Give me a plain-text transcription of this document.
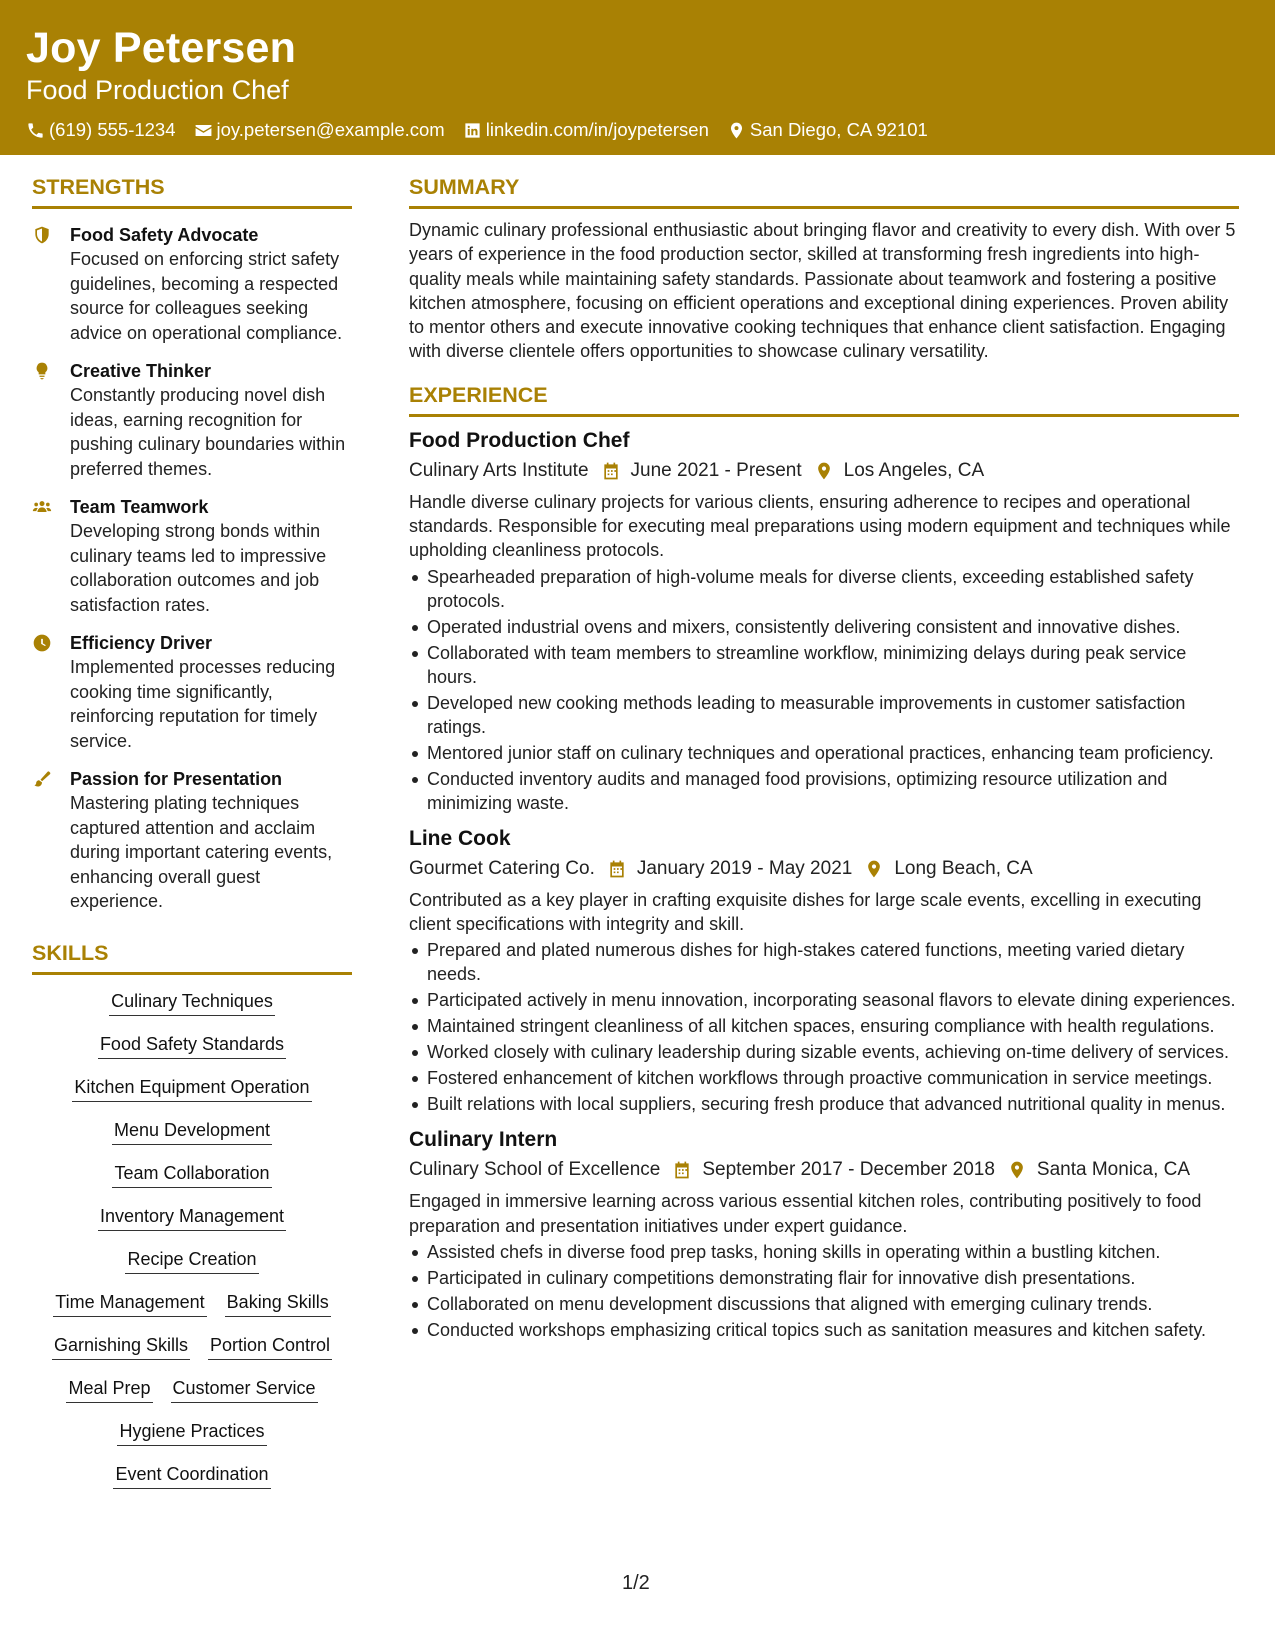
Joy Petersen
Food Production Chef
(619) 555-1234 joy.petersen@example.com linkedin.com/in/joypetersen San Diego, CA 92101
STRENGTHS
Food Safety Advocate
Focused on enforcing strict safety guidelines, becoming a respected source for colleagues seeking advice on operational compliance.
Creative Thinker
Constantly producing novel dish ideas, earning recognition for pushing culinary boundaries within preferred themes.
Team Teamwork
Developing strong bonds within culinary teams led to impressive collaboration outcomes and job satisfaction rates.
Efficiency Driver
Implemented processes reducing cooking time significantly, reinforcing reputation for timely service.
Passion for Presentation
Mastering plating techniques captured attention and acclaim during important catering events, enhancing overall guest experience.
SKILLS
Culinary Techniques
Food Safety Standards
Kitchen Equipment Operation
Menu Development
Team Collaboration
Inventory Management
Recipe Creation
Time Management Baking Skills
Garnishing Skills Portion Control
Meal Prep Customer Service
Hygiene Practices
Event Coordination
SUMMARY
Dynamic culinary professional enthusiastic about bringing flavor and creativity to every dish. With over 5 years of experience in the food production sector, skilled at transforming fresh ingredients into high-quality meals while maintaining safety standards. Passionate about teamwork and fostering a positive kitchen atmosphere, focusing on efficient operations and exceptional dining experiences. Proven ability to mentor others and execute innovative cooking techniques that enhance client satisfaction. Engaging with diverse clientele offers opportunities to showcase culinary versatility.
EXPERIENCE
Food Production Chef
Culinary Arts Institute June 2021 - Present Los Angeles, CA
Handle diverse culinary projects for various clients, ensuring adherence to recipes and operational standards. Responsible for executing meal preparations using modern equipment and techniques while upholding cleanliness protocols.
Spearheaded preparation of high-volume meals for diverse clients, exceeding established safety protocols.
Operated industrial ovens and mixers, consistently delivering consistent and innovative dishes.
Collaborated with team members to streamline workflow, minimizing delays during peak service hours.
Developed new cooking methods leading to measurable improvements in customer satisfaction ratings.
Mentored junior staff on culinary techniques and operational practices, enhancing team proficiency.
Conducted inventory audits and managed food provisions, optimizing resource utilization and minimizing waste.
Line Cook
Gourmet Catering Co. January 2019 - May 2021 Long Beach, CA
Contributed as a key player in crafting exquisite dishes for large scale events, excelling in executing client specifications with integrity and skill.
Prepared and plated numerous dishes for high-stakes catered functions, meeting varied dietary needs.
Participated actively in menu innovation, incorporating seasonal flavors to elevate dining experiences.
Maintained stringent cleanliness of all kitchen spaces, ensuring compliance with health regulations.
Worked closely with culinary leadership during sizable events, achieving on-time delivery of services.
Fostered enhancement of kitchen workflows through proactive communication in service meetings.
Built relations with local suppliers, securing fresh produce that advanced nutritional quality in menus.
Culinary Intern
Culinary School of Excellence September 2017 - December 2018 Santa Monica, CA
Engaged in immersive learning across various essential kitchen roles, contributing positively to food preparation and presentation initiatives under expert guidance.
Assisted chefs in diverse food prep tasks, honing skills in operating within a bustling kitchen.
Participated in culinary competitions demonstrating flair for innovative dish presentations.
Collaborated on menu development discussions that aligned with emerging culinary trends.
Conducted workshops emphasizing critical topics such as sanitation measures and kitchen safety.
1/2
